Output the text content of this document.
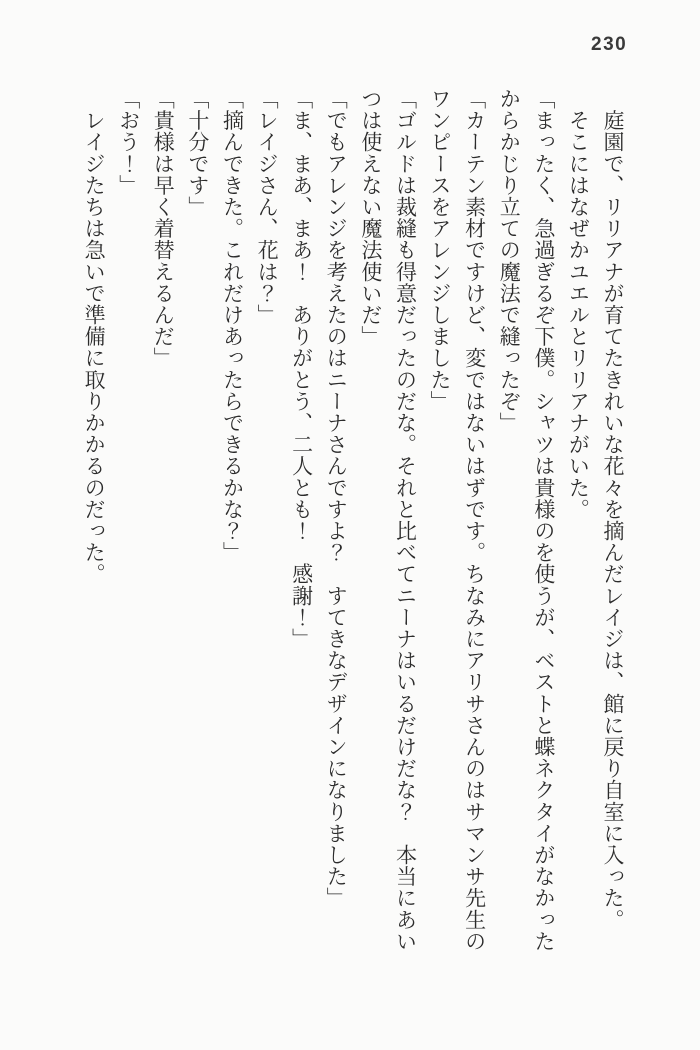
230

　庭園で、リリアナが育てたきれいな花々を摘んだレイジは、館に戻り自室に入った。

　そこにはなぜかユエルとリリアナがいた。

「まったく、急過ぎるぞ下僕。シャツは貴様のを使うが、ベストと蝶ネクタイがなかった

からかじり立ての魔法で縫ったぞ」

「カーテン素材ですけど、変ではないはずです。ちなみにアリサさんのはサマンサ先生の

ワンピースをアレンジしました」

「ゴルドは裁縫も得意だったのだな。それと比べてニーナはいるだけだな？　本当にあい

つは使えない魔法使いだ」

「でもアレンジを考えたのはニーナさんですよ？　すてきなデザインになりました」

「ま、まあ、まあ！　ありがとう、二人とも！　感謝！」

「レイジさん、花は？」

「摘んできた。これだけあったらできるかな？」

「十分です」

「貴様は早く着替えるんだ」

「おう！」

　レイジたちは急いで準備に取りかかるのだった。
